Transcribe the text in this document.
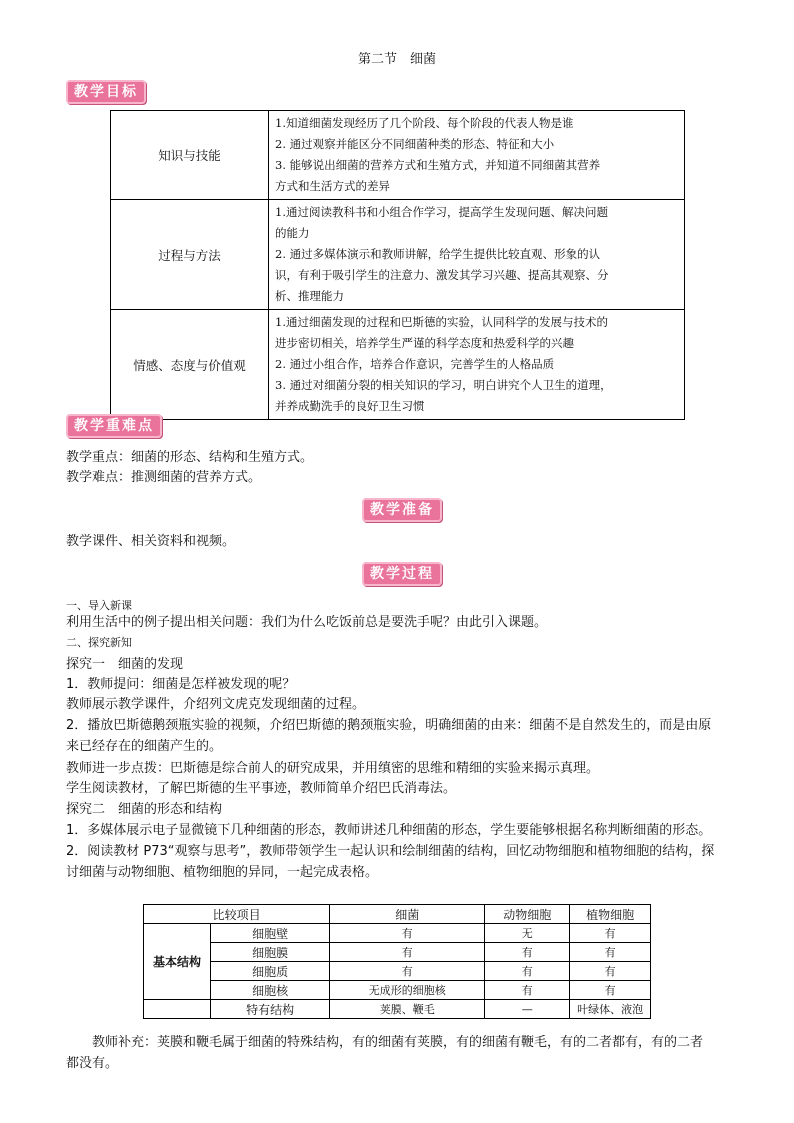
第二节　细菌
教学目标
知识与技能	1.知道细菌发现经历了几个阶段、每个阶段的代表人物是谁
2. 通过观察并能区分不同细菌种类的形态、特征和大小
3. 能够说出细菌的营养方式和生殖方式，并知道不同细菌其营养
方式和生活方式的差异

过程与方法	1.通过阅读教科书和小组合作学习，提高学生发现问题、解决问题
的能力
2. 通过多媒体演示和教师讲解，给学生提供比较直观、形象的认
识，有利于吸引学生的注意力、激发其学习兴趣、提高其观察、分
析、推理能力

情感、态度与价值观	1.通过细菌发现的过程和巴斯德的实验，认同科学的发展与技术的
进步密切相关，培养学生严谨的科学态度和热爱科学的兴趣
2. 通过小组合作，培养合作意识，完善学生的人格品质
3. 通过对细菌分裂的相关知识的学习，明白讲究个人卫生的道理，
并养成勤洗手的良好卫生习惯
教学重难点
教学重点：细菌的形态、结构和生殖方式。
教学难点：推测细菌的营养方式。
教学准备
教学课件、相关资料和视频。
教学过程
一、导入新课
利用生活中的例子提出相关问题：我们为什么吃饭前总是要洗手呢？由此引入课题。
二、探究新知
探究一　细菌的发现
1．教师提问：细菌是怎样被发现的呢？
教师展示教学课件，介绍列文虎克发现细菌的过程。
2．播放巴斯德鹅颈瓶实验的视频，介绍巴斯德的鹅颈瓶实验，明确细菌的由来：细菌不是自然发生的，而是由原
来已经存在的细菌产生的。
教师进一步点拨：巴斯德是综合前人的研究成果，并用缜密的思维和精细的实验来揭示真理。
学生阅读教材，了解巴斯德的生平事迹，教师简单介绍巴氏消毒法。
探究二　细菌的形态和结构
1．多媒体展示电子显微镜下几种细菌的形态，教师讲述几种细菌的形态，学生要能够根据名称判断细菌的形态。
2．阅读教材 P73“观察与思考”，教师带领学生一起认识和绘制细菌的结构，回忆动物细胞和植物细胞的结构，探
讨细菌与动物细胞、植物细胞的异同，一起完成表格。
比较项目		细菌	动物细胞	植物细胞
基本结构	细胞壁	有	无	有
	细胞膜	有	有	有
	细胞质	有	有	有
	细胞核	无成形的细胞核	有	有
	特有结构	荚膜、鞭毛	—	叶绿体、液泡
教师补充：荚膜和鞭毛属于细菌的特殊结构，有的细菌有荚膜，有的细菌有鞭毛，有的二者都有，有的二者
都没有。
